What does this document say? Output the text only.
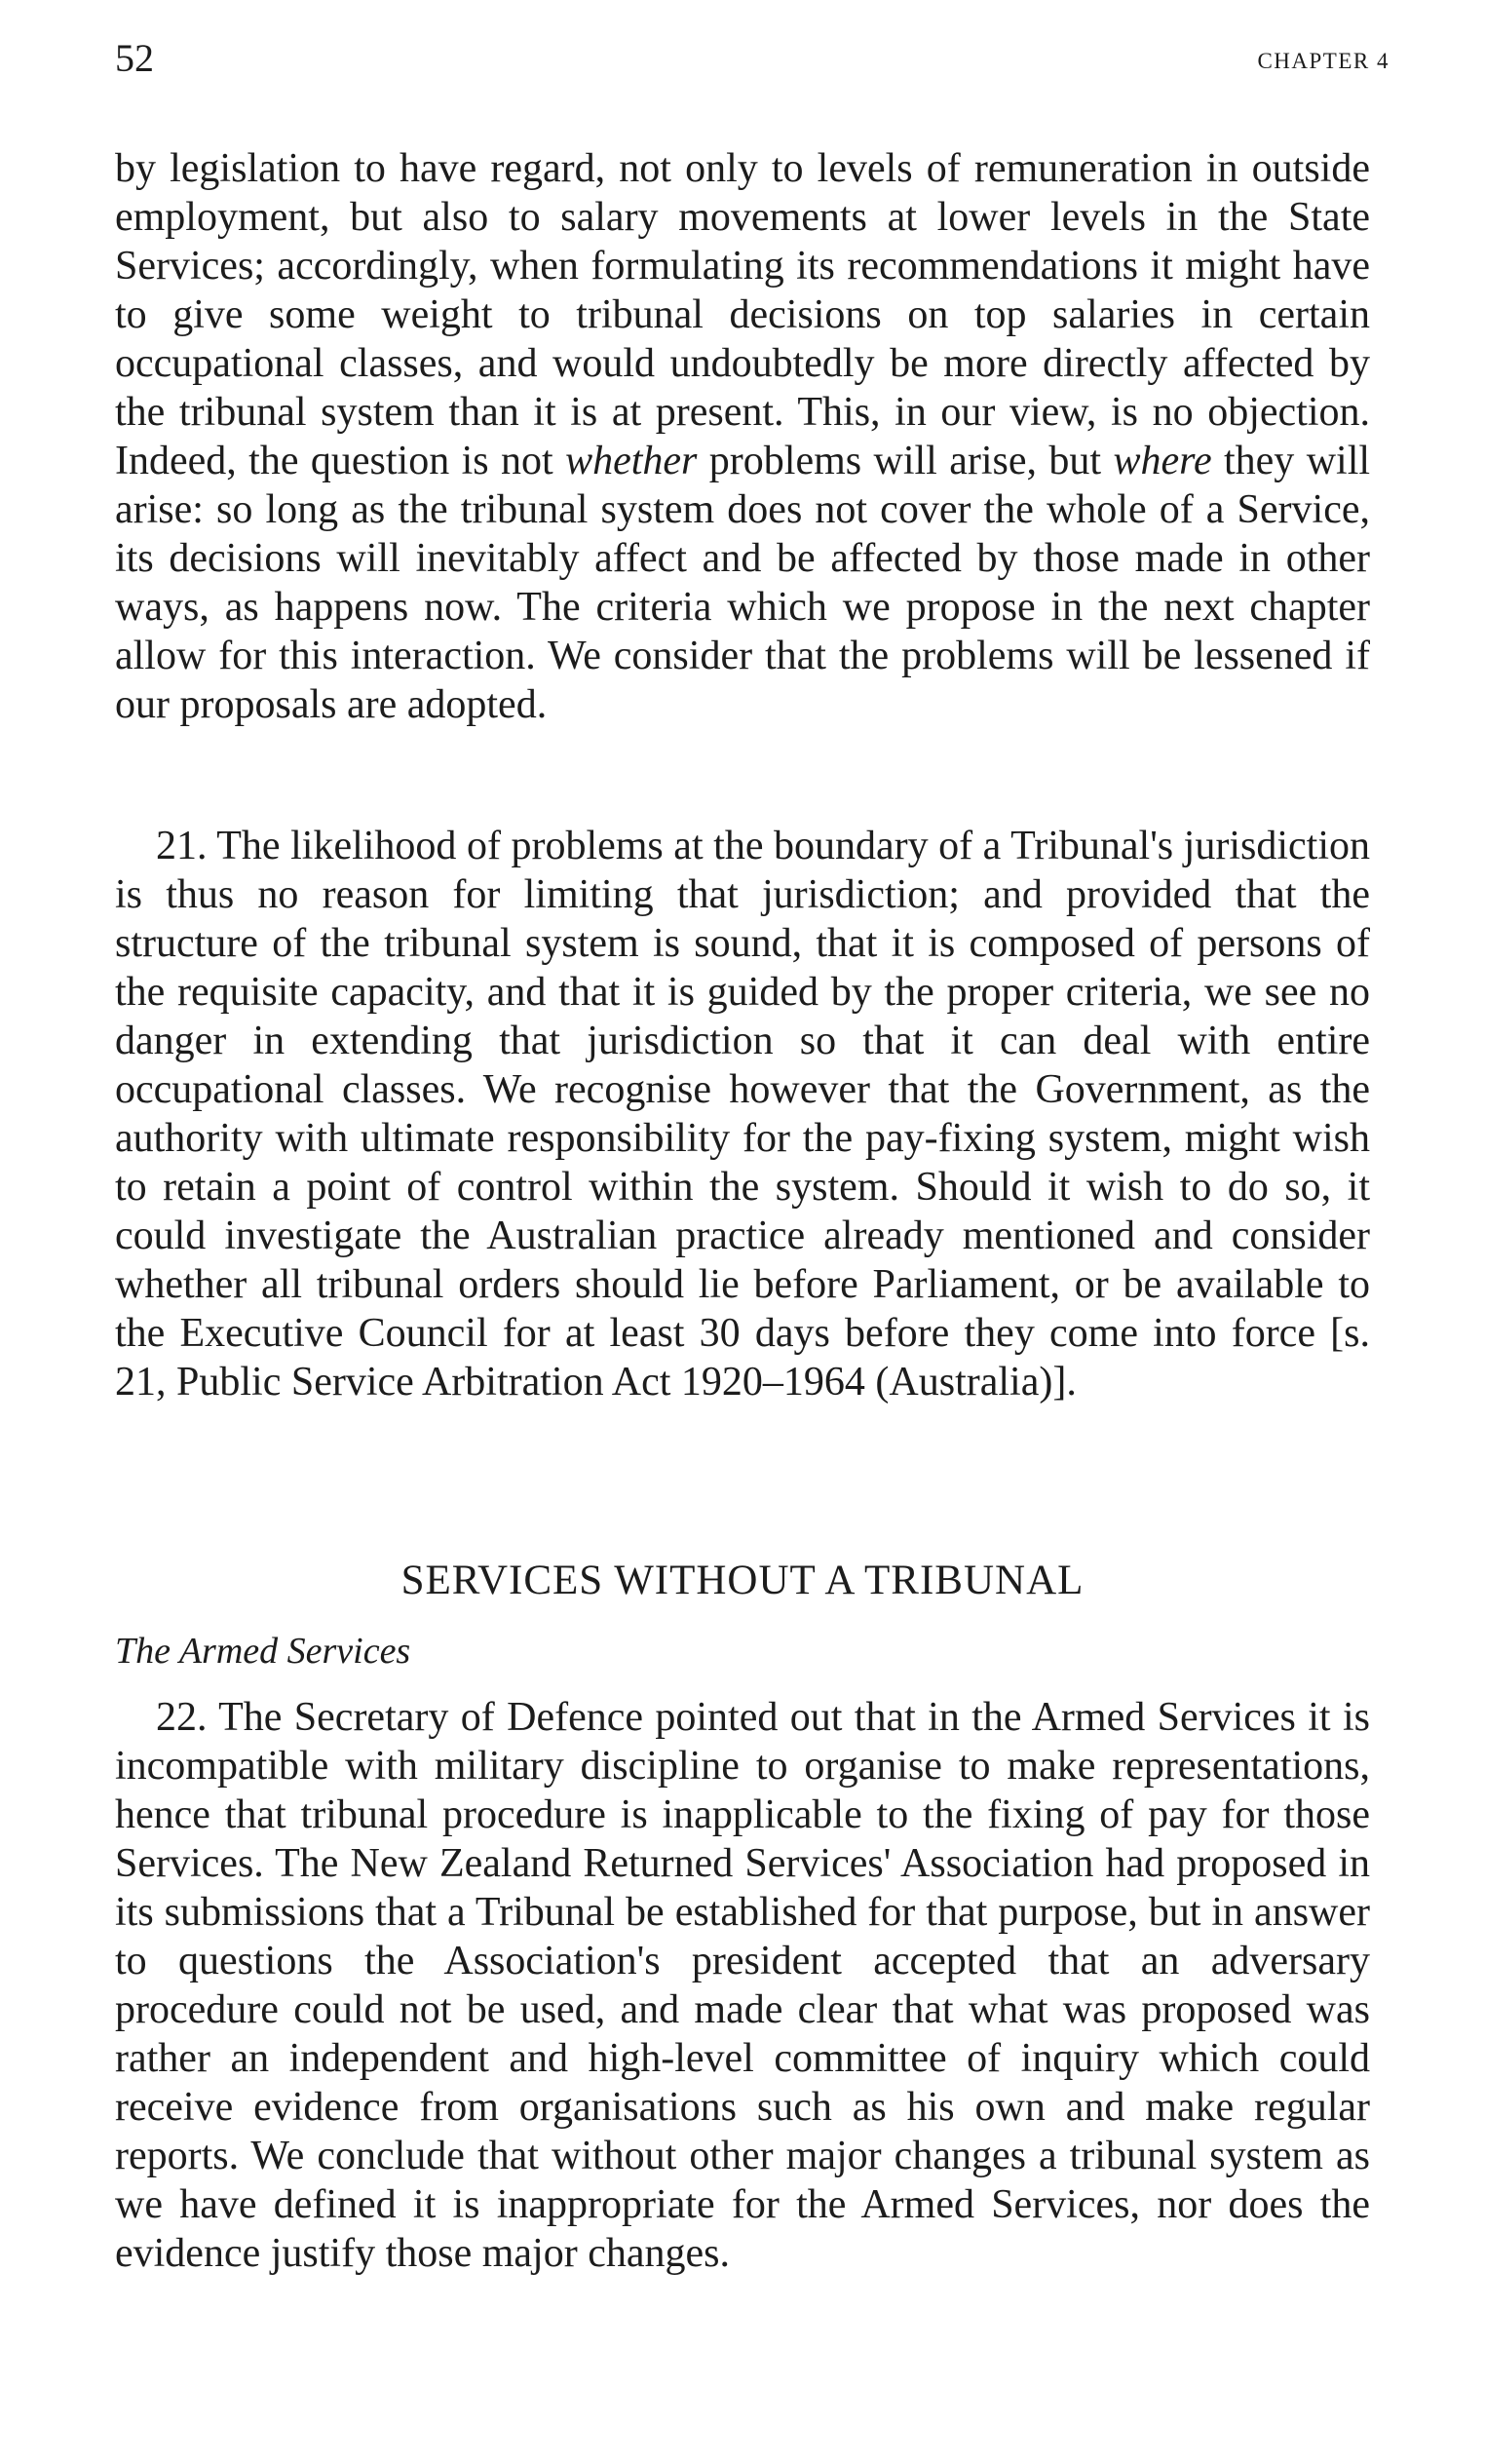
52	CHAPTER 4

by legislation to have regard, not only to levels of remuneration in outside employment, but also to salary movements at lower levels in the State Services; accordingly, when formulating its recommendations it might have to give some weight to tribunal decisions on top salaries in certain occupational classes, and would undoubtedly be more directly affected by the tribunal system than it is at present. This, in our view, is no objection. Indeed, the question is not whether problems will arise, but where they will arise: so long as the tribunal system does not cover the whole of a Service, its decisions will inevitably affect and be affected by those made in other ways, as happens now. The criteria which we propose in the next chapter allow for this interaction. We consider that the problems will be lessened if our proposals are adopted.

21. The likelihood of problems at the boundary of a Tribunal's jurisdiction is thus no reason for limiting that jurisdiction; and provided that the structure of the tribunal system is sound, that it is composed of persons of the requisite capacity, and that it is guided by the proper criteria, we see no danger in extending that jurisdiction so that it can deal with entire occupational classes. We recognise however that the Government, as the authority with ultimate responsibility for the pay-fixing system, might wish to retain a point of control within the system. Should it wish to do so, it could investigate the Australian practice already mentioned and consider whether all tribunal orders should lie before Parliament, or be available to the Executive Council for at least 30 days before they come into force [s. 21, Public Service Arbitration Act 1920–1964 (Australia)].

SERVICES WITHOUT A TRIBUNAL
The Armed Services

22. The Secretary of Defence pointed out that in the Armed Services it is incompatible with military discipline to organise to make representations, hence that tribunal procedure is inapplicable to the fixing of pay for those Services. The New Zealand Returned Services' Association had proposed in its submissions that a Tribunal be established for that purpose, but in answer to questions the Association's president accepted that an adversary procedure could not be used, and made clear that what was proposed was rather an independent and high-level committee of inquiry which could receive evidence from organisations such as his own and make regular reports. We conclude that without other major changes a tribunal system as we have defined it is inappropriate for the Armed Services, nor does the evidence justify those major changes.
